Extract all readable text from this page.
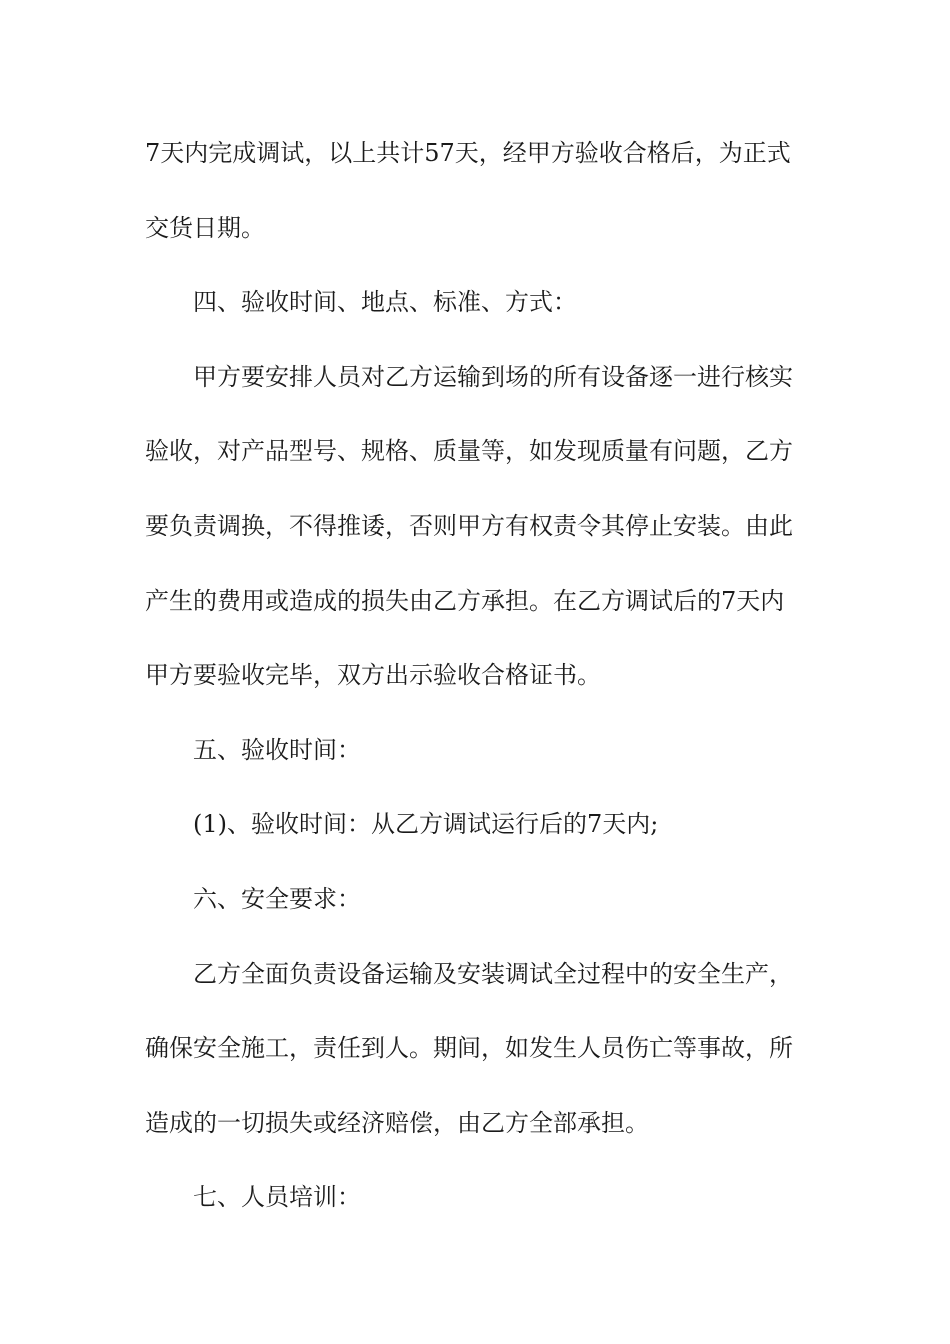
7天内完成调试，以上共计57天，经甲方验收合格后，为正式
交货日期。
四、验收时间、地点、标准、方式：
甲方要安排人员对乙方运输到场的所有设备逐一进行核实
验收，对产品型号、规格、质量等，如发现质量有问题，乙方
要负责调换，不得推诿，否则甲方有权责令其停止安装。由此
产生的费用或造成的损失由乙方承担。在乙方调试后的7天内
甲方要验收完毕，双方出示验收合格证书。
五、验收时间：
(1)、验收时间：从乙方调试运行后的7天内;
六、安全要求：
乙方全面负责设备运输及安装调试全过程中的安全生产，
确保安全施工，责任到人。期间，如发生人员伤亡等事故，所
造成的一切损失或经济赔偿，由乙方全部承担。
七、人员培训：
